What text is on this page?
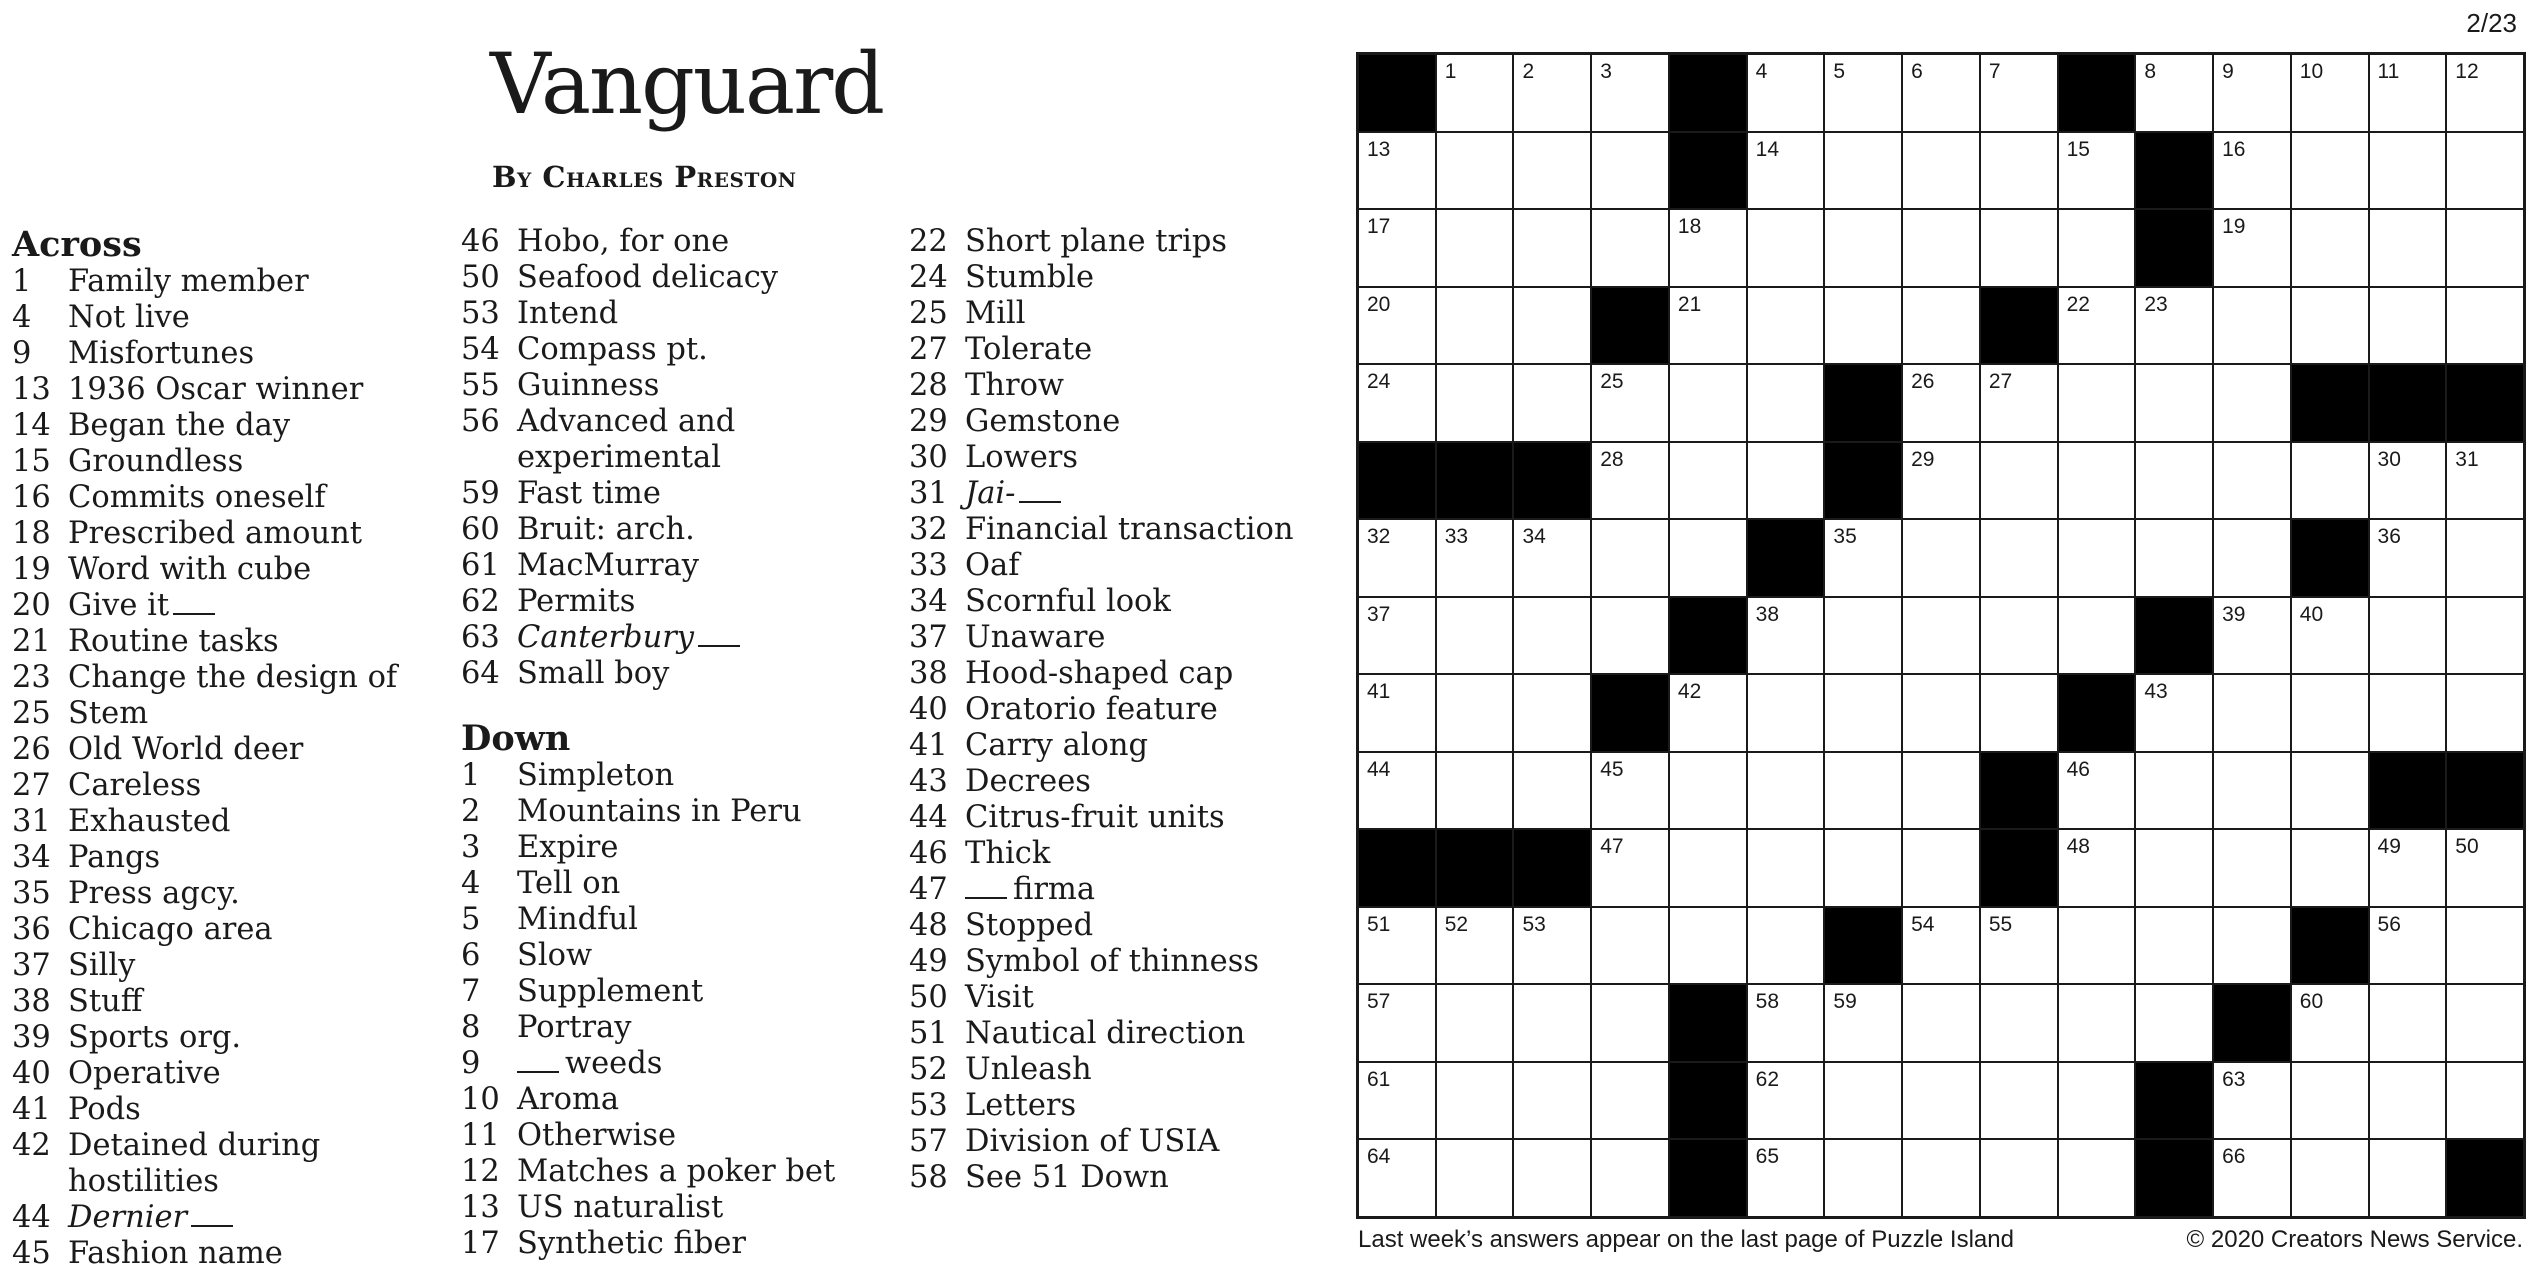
2/23
Vanguard
By Charles Preston
Across
1	Family member
4	Not live
9	Misfortunes
13 1936 Oscar winner
14 Began the day
15 Groundless
16 Commits oneself
18 Prescribed amount
19 Word with cube
20 Give it
21 Routine tasks
23 Change the design of
25 Stem
26 Old World deer
27 Careless
31 Exhausted
34 Pangs
35 Press agcy.
36 Chicago area
37 Silly
38 Stuff
39 Sports org.
40 Operative
41 Pods
42 Detained during hostilities
44 Dernier
45 Fashion name
46 Hobo, for one
50 Seafood delicacy
53 Intend
54 Compass pt.
55 Guinness
56 Advanced and experimental
59 Fast time
60 Bruit: arch.
61 MacMurray
62 Permits
63 Canterbury
64 Small boy
Down
1	Simpleton
2	Mountains in Peru
3	Expire
4	Tell on
5	Mindful
6	Slow
7	Supplement
8	Portray
9	weeds
10 Aroma
11 Otherwise
12 Matches a poker bet
13 US naturalist
17 Synthetic fiber
22 Short plane trips
24 Stumble
25 Mill
27 Tolerate
28 Throw
29 Gemstone
30 Lowers
31 Jai-
32 Financial transaction
33 Oaf
34 Scornful look
37 Unaware
38 Hood-shaped cap
40 Oratorio feature
41 Carry along
43 Decrees
44 Citrus-fruit units
46 Thick
47	firma
48 Stopped
49 Symbol of thinness
50 Visit
51 Nautical direction
52 Unleash
53 Letters
57 Division of USIA
58 See 51 Down
1	2	3	4	5	6	7	8	9	10	11	12
13	14	15	16
17	18	19
20	21	22	23
24	25	26	27
28	29	30	31
32	33	34	35	36
37	38	39	40
41	42	43
44	45	46
47	48	49	50
51	52	53	54	55	56
57	58	59	60
61	62	63
64	65	66
Last week’s answers appear on the last page of Puzzle Island	© 2020 Creators News Service.
